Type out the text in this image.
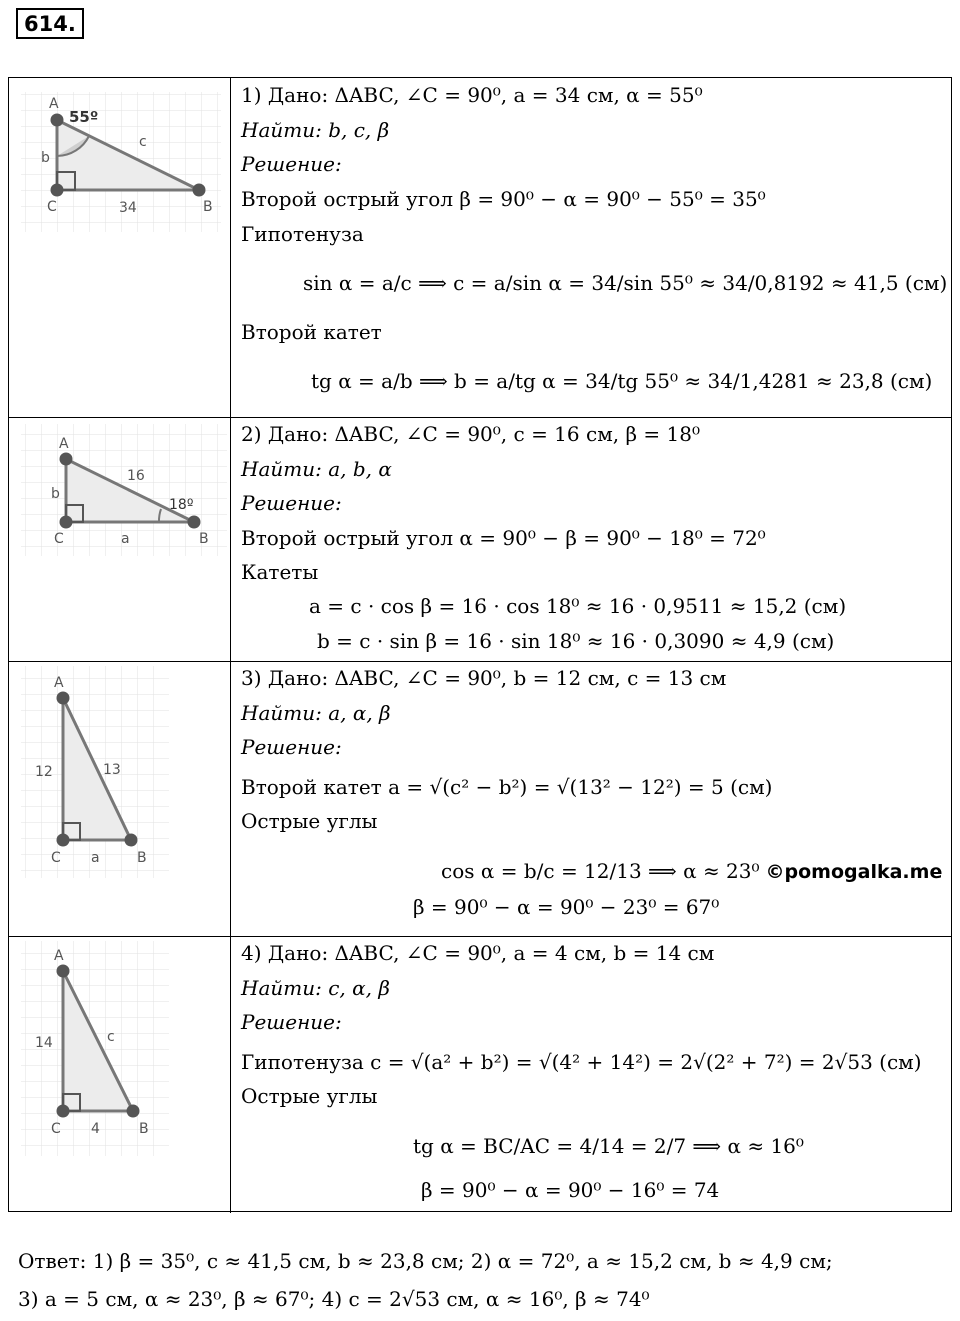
614.
A
C	B
b
c
34
55º
1) Дано: ΔABC, ∠C = 90⁰, a = 34 см, α = 55⁰
Найти: b, c, β
Решение:
Второй острый угол β = 90⁰ − α = 90⁰ − 55⁰ = 35⁰
Гипотенуза
sin α = a/c ⟹ c = a/sin α = 34/sin 55⁰ ≈ 34/0,8192 ≈ 41,5 (см)
Второй катет
tg α = a/b ⟹ b = a/tg α = 34/tg 55⁰ ≈ 34/1,4281 ≈ 23,8 (см)
A
C	B
b
16
a
18º
2) Дано: ΔABC, ∠C = 90⁰, c = 16 см, β = 18⁰
Найти: a, b, α
Решение:
Второй острый угол α = 90⁰ − β = 90⁰ − 18⁰ = 72⁰
Катеты
a = c · cos β = 16 · cos 18⁰ ≈ 16 · 0,9511 ≈ 15,2 (см)
b = c · sin β = 16 · sin 18⁰ ≈ 16 · 0,3090 ≈ 4,9 (см)
A
C	B
12	13
a
3) Дано: ΔABC, ∠C = 90⁰, b = 12 см, c = 13 см
Найти: a, α, β
Решение:
Второй катет a = √(c² − b²) = √(13² − 12²) = 5 (см)
Острые углы
cos α = b/c = 12/13 ⟹ α ≈ 23⁰ ©pomogalka.me
β = 90⁰ − α = 90⁰ − 23⁰ = 67⁰
A
C	B
14	c
4
4) Дано: ΔABC, ∠C = 90⁰, a = 4 см, b = 14 см
Найти: c, α, β
Решение:
Гипотенуза c = √(a² + b²) = √(4² + 14²) = 2√(2² + 7²) = 2√53 (см)
Острые углы
tg α = BC/AC = 4/14 = 2/7 ⟹ α ≈ 16⁰
β = 90⁰ − α = 90⁰ − 16⁰ = 74
Ответ: 1) β = 35⁰, c ≈ 41,5 см, b ≈ 23,8 см; 2) α = 72⁰, a ≈ 15,2 см, b ≈ 4,9 см;
3) a = 5 см, α ≈ 23⁰, β ≈ 67⁰; 4) c = 2√53 см, α ≈ 16⁰, β ≈ 74⁰
